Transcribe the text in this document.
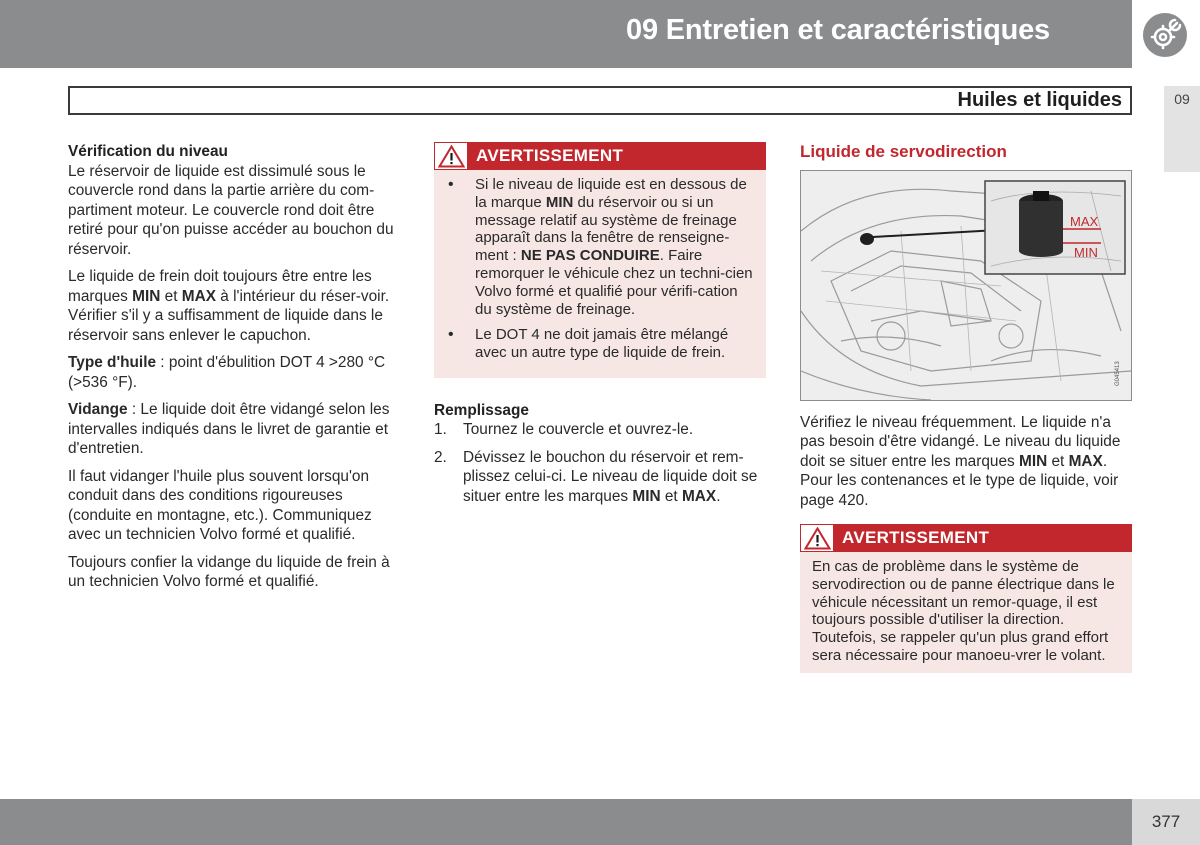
09 Entretien et caractéristiques
Huiles et liquides	09
Vérification du niveau

Le réservoir de liquide est dissimulé sous le couvercle rond dans la partie arrière du com-partiment moteur. Le couvercle rond doit être retiré pour qu'on puisse accéder au bouchon du réservoir.

Le liquide de frein doit toujours être entre les marques MIN et MAX à l'intérieur du réser-voir. Vérifier s'il y a suffisamment de liquide dans le réservoir sans enlever le capuchon.

Type d'huile : point d'ébulition DOT 4 >280 °C (>536 °F).

Vidange : Le liquide doit être vidangé selon les intervalles indiqués dans le livret de garantie et d'entretien.

Il faut vidanger l'huile plus souvent lorsqu'on conduit dans des conditions rigoureuses (conduite en montagne, etc.). Communiquez avec un technicien Volvo formé et qualifié.

Toujours confier la vidange du liquide de frein à un technicien Volvo formé et qualifié.

AVERTISSEMENT
• Si le niveau de liquide est en dessous de la marque MIN du réservoir ou si un message relatif au système de freinage apparaît dans la fenêtre de renseigne-ment : NE PAS CONDUIRE. Faire remorquer le véhicule chez un techni-cien Volvo formé et qualifié pour vérifi-cation du système de freinage.
• Le DOT 4 ne doit jamais être mélangé avec un autre type de liquide de frein.
Remplissage
1. Tournez le couvercle et ouvrez-le.
2. Dévissez le bouchon du réservoir et rem-plissez celui-ci. Le niveau de liquide doit se situer entre les marques MIN et MAX.
Liquide de servodirection
MAX
MIN
G045413

Vérifiez le niveau fréquemment. Le liquide n'a pas besoin d'être vidangé. Le niveau du liquide doit se situer entre les marques MIN et MAX. Pour les contenances et le type de liquide, voir page 420.

AVERTISSEMENT
En cas de problème dans le système de servodirection ou de panne électrique dans le véhicule nécessitant un remor-quage, il est toujours possible d'utiliser la direction. Toutefois, se rappeler qu'un plus grand effort sera nécessaire pour manoeu-vrer le volant.
377
